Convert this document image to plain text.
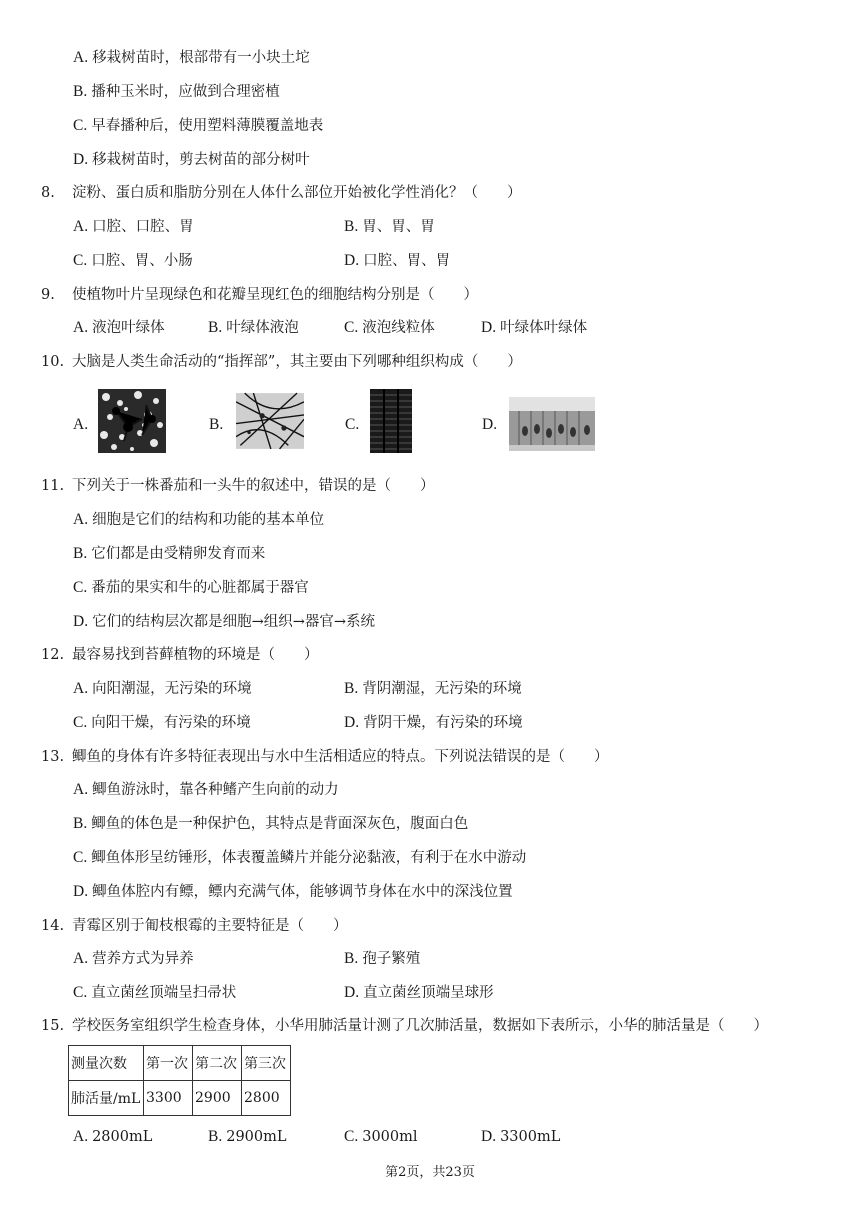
A. 移栽树苗时，根部带有一小块土坨
B. 播种玉米时，应做到合理密植
C. 早春播种后，使用塑料薄膜覆盖地表
D. 移栽树苗时，剪去树苗的部分树叶
8. 淀粉、蛋白质和脂肪分别在人体什么部位开始被化学性消化？（　　）
A. 口腔、口腔、胃	B. 胃、胃、胃
C. 口腔、胃、小肠	D. 口腔、胃、胃
9. 使植物叶片呈现绿色和花瓣呈现红色的细胞结构分别是（　　）
A. 液泡叶绿体	B. 叶绿体液泡	C. 液泡线粒体	D. 叶绿体叶绿体
10. 大脑是人类生命活动的“指挥部”，其主要由下列哪种组织构成（　　）
A.	B.	C.	D.
11. 下列关于一株番茄和一头牛的叙述中，错误的是（　　）
A. 细胞是它们的结构和功能的基本单位
B. 它们都是由受精卵发育而来
C. 番茄的果实和牛的心脏都属于器官
D. 它们的结构层次都是细胞→组织→器官→系统
12. 最容易找到苔藓植物的环境是（　　）
A. 向阳潮湿，无污染的环境	B. 背阴潮湿，无污染的环境
C. 向阳干燥，有污染的环境	D. 背阴干燥，有污染的环境
13. 鲫鱼的身体有许多特征表现出与水中生活相适应的特点。下列说法错误的是（　　）
A. 鲫鱼游泳时，靠各种鳍产生向前的动力
B. 鲫鱼的体色是一种保护色，其特点是背面深灰色，腹面白色
C. 鲫鱼体形呈纺锤形，体表覆盖鳞片并能分泌黏液，有利于在水中游动
D. 鲫鱼体腔内有鳔，鳔内充满气体，能够调节身体在水中的深浅位置
14. 青霉区别于匍枝根霉的主要特征是（　　）
A. 营养方式为异养	B. 孢子繁殖
C. 直立菌丝顶端呈扫帚状	D. 直立菌丝顶端呈球形
15. 学校医务室组织学生检查身体，小华用肺活量计测了几次肺活量，数据如下表所示，小华的肺活量是（　　）
测量次数	第一次	第二次	第三次
肺活量/mL	3300	2900	2800
A. 2800mL	B. 2900mL	C. 3000ml	D. 3300mL
第2页，共23页
